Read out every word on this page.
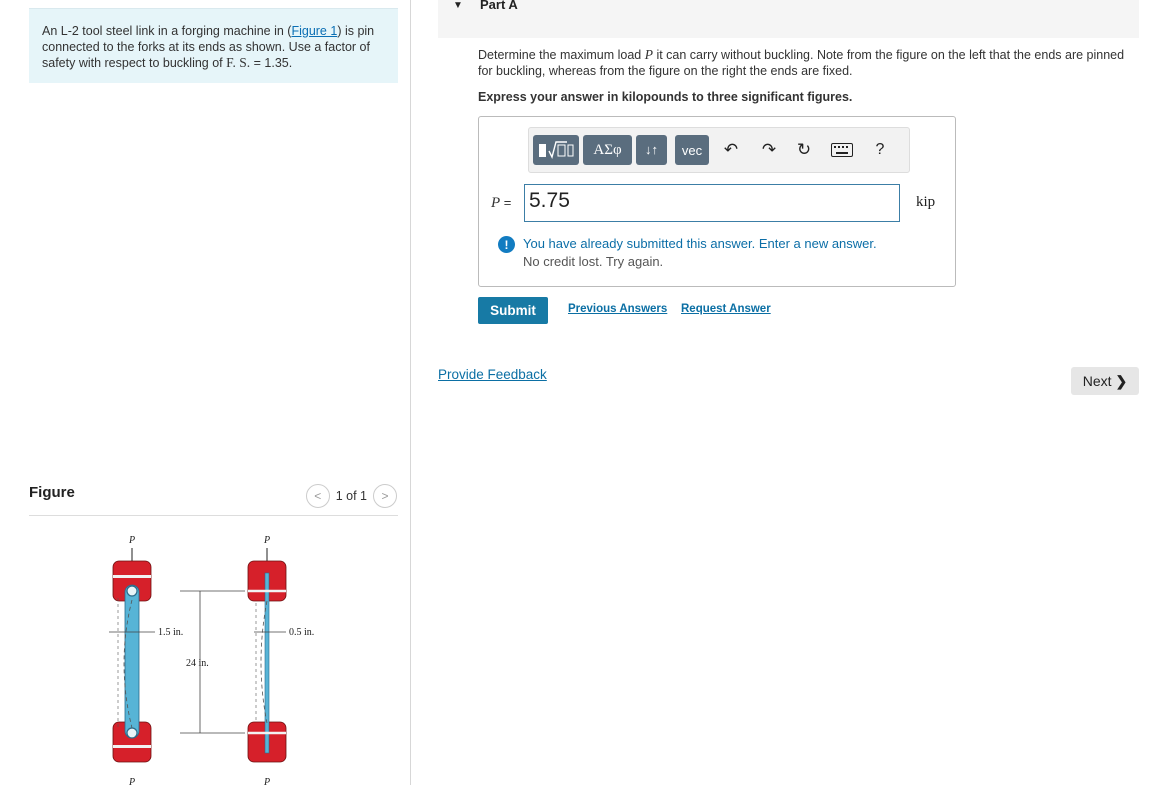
An L-2 tool steel link in a forging machine in (Figure 1) is pin connected to the forks at its ends as shown. Use a factor of safety with respect to buckling of F. S. = 1.35.
Figure	<	1 of 1	>
P	P
P	P
1.5 in.
24 in.
0.5 in.
▼ Part A
Determine the maximum load P it can carry without buckling. Note from the figure on the left that the ends are pinned for buckling, whereas from the figure on the right the ends are fixed.
Express your answer in kilopounds to three significant figures.
ΑΣφ	↓↑	vec	↶ ↷ ↻	?
P = 5.75	kip
!	You have already submitted this answer. Enter a new answer.
No credit lost. Try again.
Submit	Previous Answers Request Answer
Provide Feedback	Next ❯
